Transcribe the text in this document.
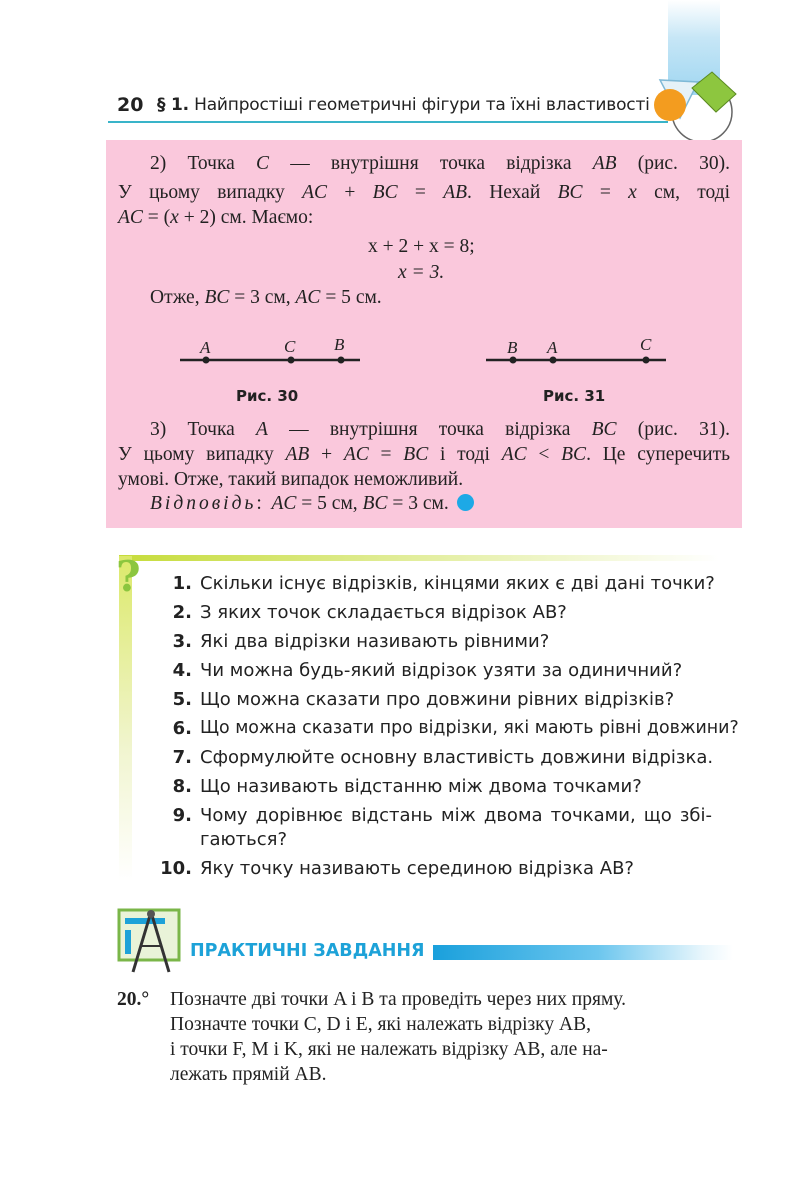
20 § 1. Найпростіші геометричні фігури та їхні властивості
2) Точка C — внутрішня точка відрізка AB (рис. 30).
У цьому випадку AC + BC = AB. Нехай BC = x см, тоді
AC = (x + 2) см. Маємо:
x + 2 + x = 8;
x = 3.
Отже, BC = 3 см, AC = 5 см.
A	C B
Рис. 30
B A	C
Рис. 31
3) Точка A — внутрішня точка відрізка BC (рис. 31).
У цьому випадку AB + AC = BC і тоді AC < BC. Це суперечить
умові. Отже, такий випадок неможливий.
Відповідь: AC = 5 см, BC = 3 см.
?	1. Скільки існує відрізків, кінцями яких є дві дані точки?
2. З яких точок складається відрізок AB?
3. Які два відрізки називають рівними?
4. Чи можна будь-який відрізок узяти за одиничний?
5. Що можна сказати про довжини рівних відрізків?
6. Що можна сказати про відрізки, які мають рівні довжини?
7. Сформулюйте основну властивість довжини відрізка.
8. Що називають відстанню між двома точками?
9. Чому дорівнює відстань між двома точками, що збі-
гаються?
10. Яку точку називають серединою відрізка AB?
ПРАКТИЧНІ ЗАВДАННЯ
20.° Позначте дві точки A і B та проведіть через них пряму.
Позначте точки C, D і E, які належать відрізку AB,
і точки F, M і K, які не належать відрізку AB, але на-
лежать прямій AB.
